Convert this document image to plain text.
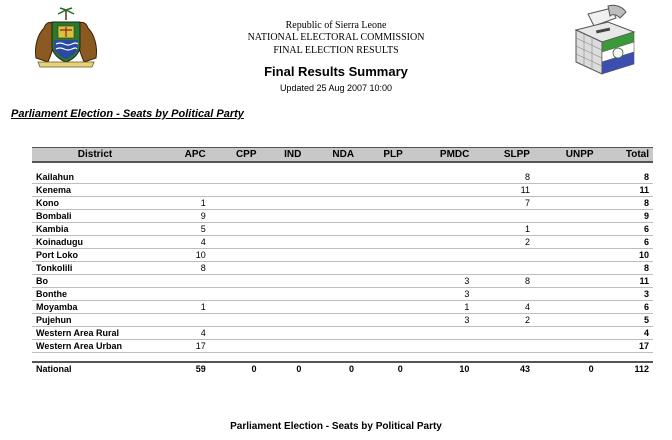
Republic of Sierra Leone
NATIONAL ELECTORAL COMMISSION
FINAL ELECTION RESULTS
Final Results Summary
Updated 25 Aug 2007 10:00
Parliament Election - Seats by Political Party
District	APC	CPP	IND	NDA	PLP	PMDC	SLPP	UNPP	Total

Kailahun							8		8
Kenema							11		11
Kono	1						7		8
Bombali	9								9
Kambia	5						1		6
Koinadugu	4						2		6
Port Loko	10								10
Tonkolili	8								8
Bo						3	8		11
Bonthe						3			3
Moyamba	1					1	4		6
Pujehun						3	2		5
Western Area Rural	4								4
Western Area Urban	17								17

National	59	0	0	0	0	10	43	0	112
Parliament Election - Seats by Political Party
